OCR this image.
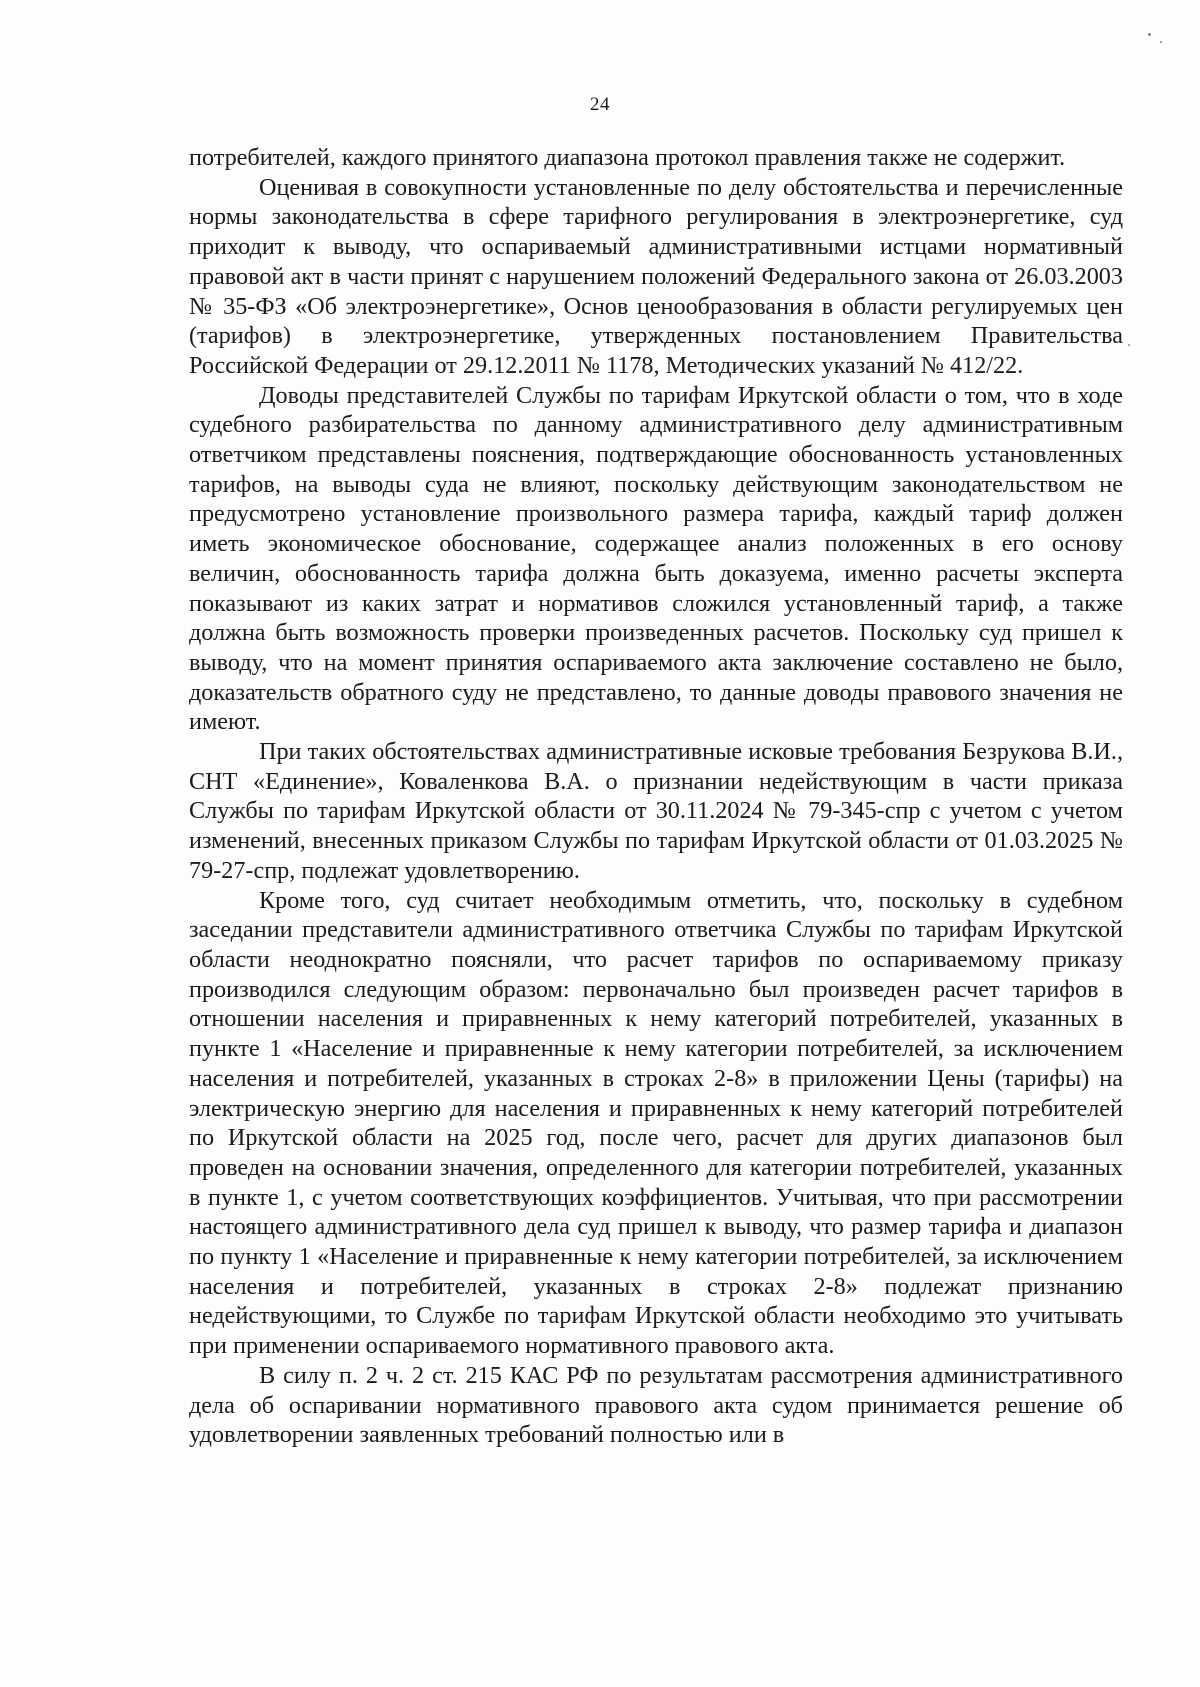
24

потребителей, каждого принятого диапазона протокол правления также не содержит.

Оценивая в совокупности установленные по делу обстоятельства и перечисленные нормы законодательства в сфере тарифного регулирования в электроэнергетике, суд приходит к выводу, что оспариваемый административными истцами нормативный правовой акт в части принят с нарушением положений Федерального закона от 26.03.2003 № 35-ФЗ «Об электроэнергетике», Основ ценообразования в области регулируемых цен (тарифов) в электроэнергетике, утвержденных постановлением Правительства Российской Федерации от 29.12.2011 № 1178, Методических указаний № 412/22.

Доводы представителей Службы по тарифам Иркутской области о том, что в ходе судебного разбирательства по данному административного делу административным ответчиком представлены пояснения, подтверждающие обоснованность установленных тарифов, на выводы суда не влияют, поскольку действующим законодательством не предусмотрено установление произвольного размера тарифа, каждый тариф должен иметь экономическое обоснование, содержащее анализ положенных в его основу величин, обоснованность тарифа должна быть доказуема, именно расчеты эксперта показывают из каких затрат и нормативов сложился установленный тариф, а также должна быть возможность проверки произведенных расчетов. Поскольку суд пришел к выводу, что на момент принятия оспариваемого акта заключение составлено не было, доказательств обратного суду не представлено, то данные доводы правового значения не имеют.

При таких обстоятельствах административные исковые требования Безрукова В.И., СНТ «Единение», Коваленкова В.А. о признании недействующим в части приказа Службы по тарифам Иркутской области от 30.11.2024 № 79-345-спр с учетом с учетом изменений, внесенных приказом Службы по тарифам Иркутской области от 01.03.2025 № 79-27-спр, подлежат удовлетворению.

Кроме того, суд считает необходимым отметить, что, поскольку в судебном заседании представители административного ответчика Службы по тарифам Иркутской области неоднократно поясняли, что расчет тарифов по оспариваемому приказу производился следующим образом: первоначально был произведен расчет тарифов в отношении населения и приравненных к нему категорий потребителей, указанных в пункте 1 «Население и приравненные к нему категории потребителей, за исключением населения и потребителей, указанных в строках 2-8» в приложении Цены (тарифы) на электрическую энергию для населения и приравненных к нему категорий потребителей по Иркутской области на 2025 год, после чего, расчет для других диапазонов был проведен на основании значения, определенного для категории потребителей, указанных в пункте 1, с учетом соответствующих коэффициентов. Учитывая, что при рассмотрении настоящего административного дела суд пришел к выводу, что размер тарифа и диапазон по пункту 1 «Население и приравненные к нему категории потребителей, за исключением населения и потребителей, указанных в строках 2-8» подлежат признанию недействующими, то Службе по тарифам Иркутской области необходимо это учитывать при применении оспариваемого нормативного правового акта.

В силу п. 2 ч. 2 ст. 215 КАС РФ по результатам рассмотрения административного дела об оспаривании нормативного правового акта судом принимается решение об удовлетворении заявленных требований полностью или в
